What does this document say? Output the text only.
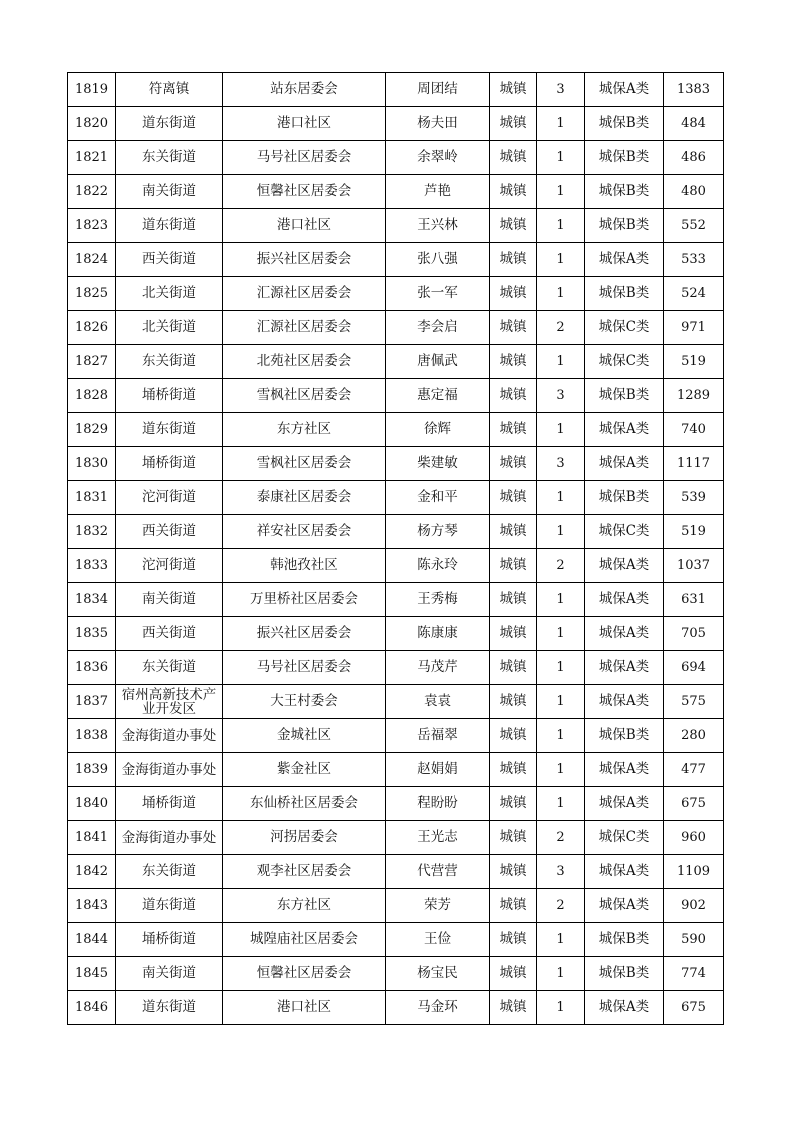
1819	符离镇	站东居委会	周团结	城镇	3	城保A类	1383
1820	道东街道	港口社区	杨夫田	城镇	1	城保B类	484
1821	东关街道	马号社区居委会	余翠岭	城镇	1	城保B类	486
1822	南关街道	恒馨社区居委会	芦艳	城镇	1	城保B类	480
1823	道东街道	港口社区	王兴林	城镇	1	城保B类	552
1824	西关街道	振兴社区居委会	张八强	城镇	1	城保A类	533
1825	北关街道	汇源社区居委会	张一军	城镇	1	城保B类	524
1826	北关街道	汇源社区居委会	李会启	城镇	2	城保C类	971
1827	东关街道	北苑社区居委会	唐佩武	城镇	1	城保C类	519
1828	埇桥街道	雪枫社区居委会	惠定福	城镇	3	城保B类	1289
1829	道东街道	东方社区	徐辉	城镇	1	城保A类	740
1830	埇桥街道	雪枫社区居委会	柴建敏	城镇	3	城保A类	1117
1831	沱河街道	泰康社区居委会	金和平	城镇	1	城保B类	539
1832	西关街道	祥安社区居委会	杨方琴	城镇	1	城保C类	519
1833	沱河街道	韩池孜社区	陈永玲	城镇	2	城保A类	1037
1834	南关街道	万里桥社区居委会	王秀梅	城镇	1	城保A类	631
1835	西关街道	振兴社区居委会	陈康康	城镇	1	城保A类	705
1836	东关街道	马号社区居委会	马茂芹	城镇	1	城保A类	694
1837	宿州高新技术产业开发区	大王村委会	袁袁	城镇	1	城保A类	575
1838	金海街道办事处	金城社区	岳福翠	城镇	1	城保B类	280
1839	金海街道办事处	紫金社区	赵娟娟	城镇	1	城保A类	477
1840	埇桥街道	东仙桥社区居委会	程盼盼	城镇	1	城保A类	675
1841	金海街道办事处	河拐居委会	王光志	城镇	2	城保C类	960
1842	东关街道	观李社区居委会	代营营	城镇	3	城保A类	1109
1843	道东街道	东方社区	荣芳	城镇	2	城保A类	902
1844	埇桥街道	城隍庙社区居委会	王俭	城镇	1	城保B类	590
1845	南关街道	恒馨社区居委会	杨宝民	城镇	1	城保B类	774
1846	道东街道	港口社区	马金环	城镇	1	城保A类	675
